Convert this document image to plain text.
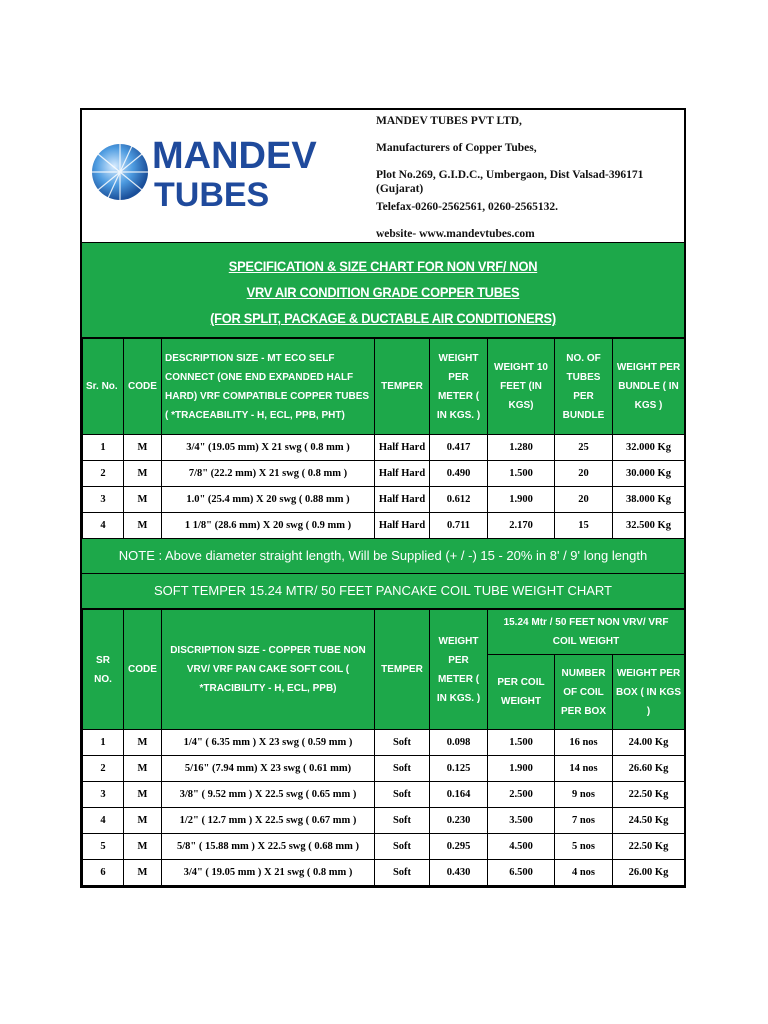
MANDEV
TUBES
MANDEV TUBES PVT LTD,
Manufacturers of Copper Tubes,
Plot No.269, G.I.D.C., Umbergaon, Dist Valsad-396171 (Gujarat)
Telefax-0260-2562561, 0260-2565132.
website- www.mandevtubes.com
SPECIFICATION & SIZE CHART FOR NON VRF/ NON
VRV AIR CONDITION GRADE COPPER TUBES
(FOR SPLIT, PACKAGE & DUCTABLE AIR CONDITIONERS)
Sr. No.	CODE	DESCRIPTION SIZE - MT ECO SELF CONNECT (ONE END EXPANDED HALF HARD) VRF COMPATIBLE COPPER TUBES ( *TRACEABILITY - H, ECL, PPB, PHT)	TEMPER	WEIGHT PER METER ( IN KGS. )	WEIGHT 10 FEET (IN KGS)	NO. OF TUBES PER BUNDLE	WEIGHT PER BUNDLE ( IN KGS )
1	M	3/4" (19.05 mm) X 21 swg ( 0.8 mm )	Half Hard	0.417	1.280	25	32.000 Kg
2	M	7/8" (22.2 mm) X 21 swg ( 0.8 mm )	Half Hard	0.490	1.500	20	30.000 Kg
3	M	1.0" (25.4 mm) X 20 swg ( 0.88 mm )	Half Hard	0.612	1.900	20	38.000 Kg
4	M	1 1/8" (28.6 mm) X 20 swg ( 0.9 mm )	Half Hard	0.711	2.170	15	32.500 Kg
NOTE : Above diameter straight length, Will be Supplied (+ / -) 15 - 20% in 8' / 9' long length
SOFT TEMPER 15.24 MTR/ 50 FEET PANCAKE COIL TUBE WEIGHT CHART
SR NO.	CODE	DISCRIPTION SIZE - COPPER TUBE NON VRV/ VRF PAN CAKE SOFT COIL ( *TRACIBILITY - H, ECL, PPB)	TEMPER	WEIGHT PER METER ( IN KGS. )	15.24 Mtr / 50 FEET NON VRV/ VRF COIL WEIGHT		
					PER COIL WEIGHT	NUMBER OF COIL PER BOX	WEIGHT PER BOX ( IN KGS )
1	M	1/4" ( 6.35 mm ) X 23 swg ( 0.59 mm )	Soft	0.098	1.500	16 nos	24.00 Kg
2	M	5/16" (7.94 mm) X 23 swg ( 0.61 mm)	Soft	0.125	1.900	14 nos	26.60 Kg
3	M	3/8" ( 9.52 mm ) X 22.5 swg ( 0.65 mm )	Soft	0.164	2.500	9 nos	22.50 Kg
4	M	1/2" ( 12.7 mm ) X 22.5 swg ( 0.67 mm )	Soft	0.230	3.500	7 nos	24.50 Kg
5	M	5/8" ( 15.88 mm ) X 22.5 swg ( 0.68 mm )	Soft	0.295	4.500	5 nos	22.50 Kg
6	M	3/4" ( 19.05 mm ) X 21 swg ( 0.8 mm )	Soft	0.430	6.500	4 nos	26.00 Kg
